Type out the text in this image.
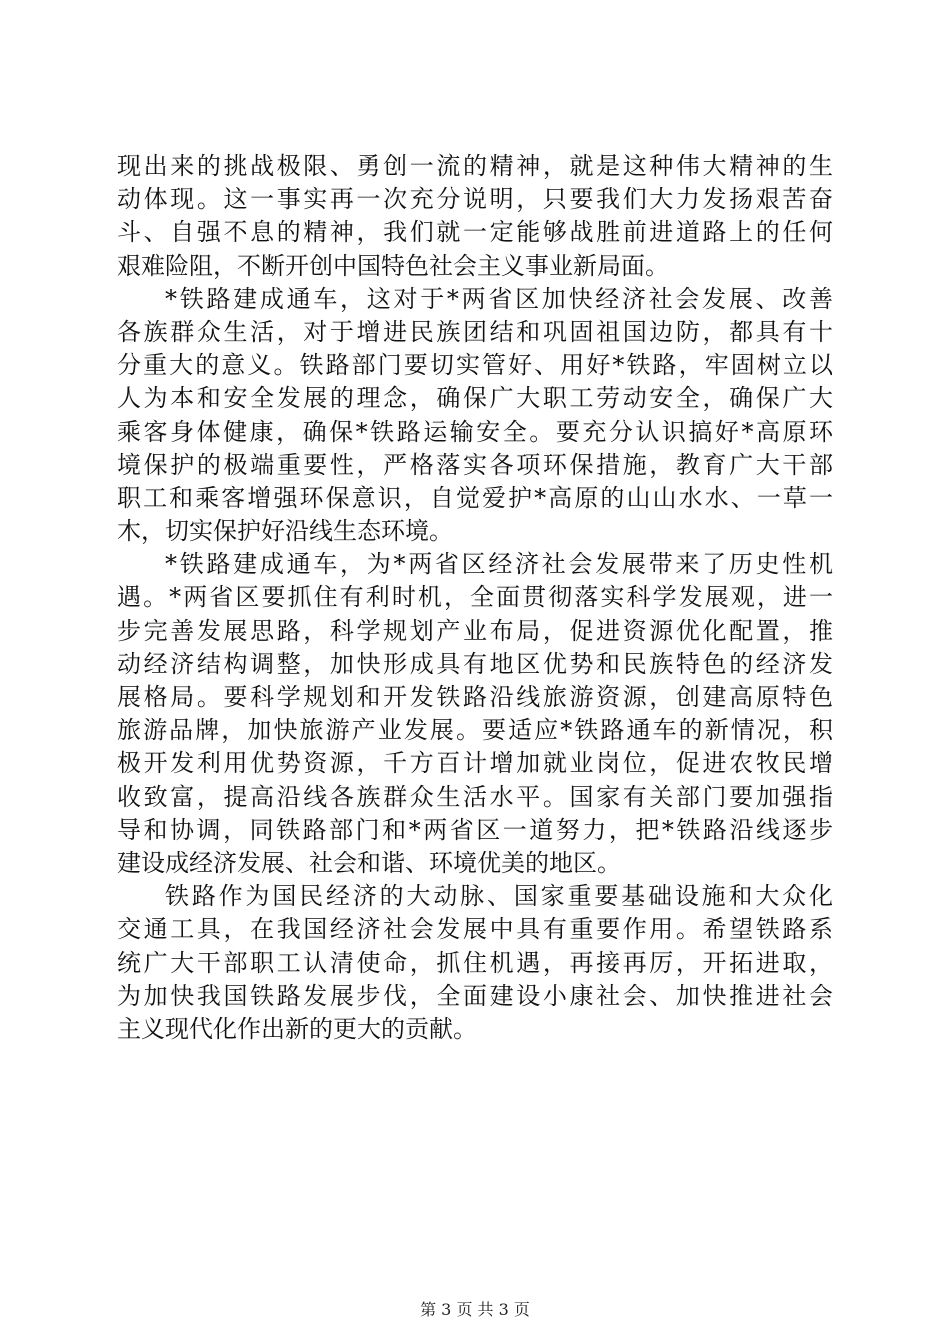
现出来的挑战极限、勇创一流的精神，就是这种伟大精神的生
动体现。这一事实再一次充分说明，只要我们大力发扬艰苦奋
斗、自强不息的精神，我们就一定能够战胜前进道路上的任何
艰难险阻，不断开创中国特色社会主义事业新局面。
*铁路建成通车，这对于*两省区加快经济社会发展、改善
各族群众生活，对于增进民族团结和巩固祖国边防，都具有十
分重大的意义。铁路部门要切实管好、用好*铁路，牢固树立以
人为本和安全发展的理念，确保广大职工劳动安全，确保广大
乘客身体健康，确保*铁路运输安全。要充分认识搞好*高原环
境保护的极端重要性，严格落实各项环保措施，教育广大干部
职工和乘客增强环保意识，自觉爱护*高原的山山水水、一草一
木，切实保护好沿线生态环境。
*铁路建成通车，为*两省区经济社会发展带来了历史性机
遇。*两省区要抓住有利时机，全面贯彻落实科学发展观，进一
步完善发展思路，科学规划产业布局，促进资源优化配置，推
动经济结构调整，加快形成具有地区优势和民族特色的经济发
展格局。要科学规划和开发铁路沿线旅游资源，创建高原特色
旅游品牌，加快旅游产业发展。要适应*铁路通车的新情况，积
极开发利用优势资源，千方百计增加就业岗位，促进农牧民增
收致富，提高沿线各族群众生活水平。国家有关部门要加强指
导和协调，同铁路部门和*两省区一道努力，把*铁路沿线逐步
建设成经济发展、社会和谐、环境优美的地区。
铁路作为国民经济的大动脉、国家重要基础设施和大众化
交通工具，在我国经济社会发展中具有重要作用。希望铁路系
统广大干部职工认清使命，抓住机遇，再接再厉，开拓进取，
为加快我国铁路发展步伐，全面建设小康社会、加快推进社会
主义现代化作出新的更大的贡献。
第 3 页 共 3 页
